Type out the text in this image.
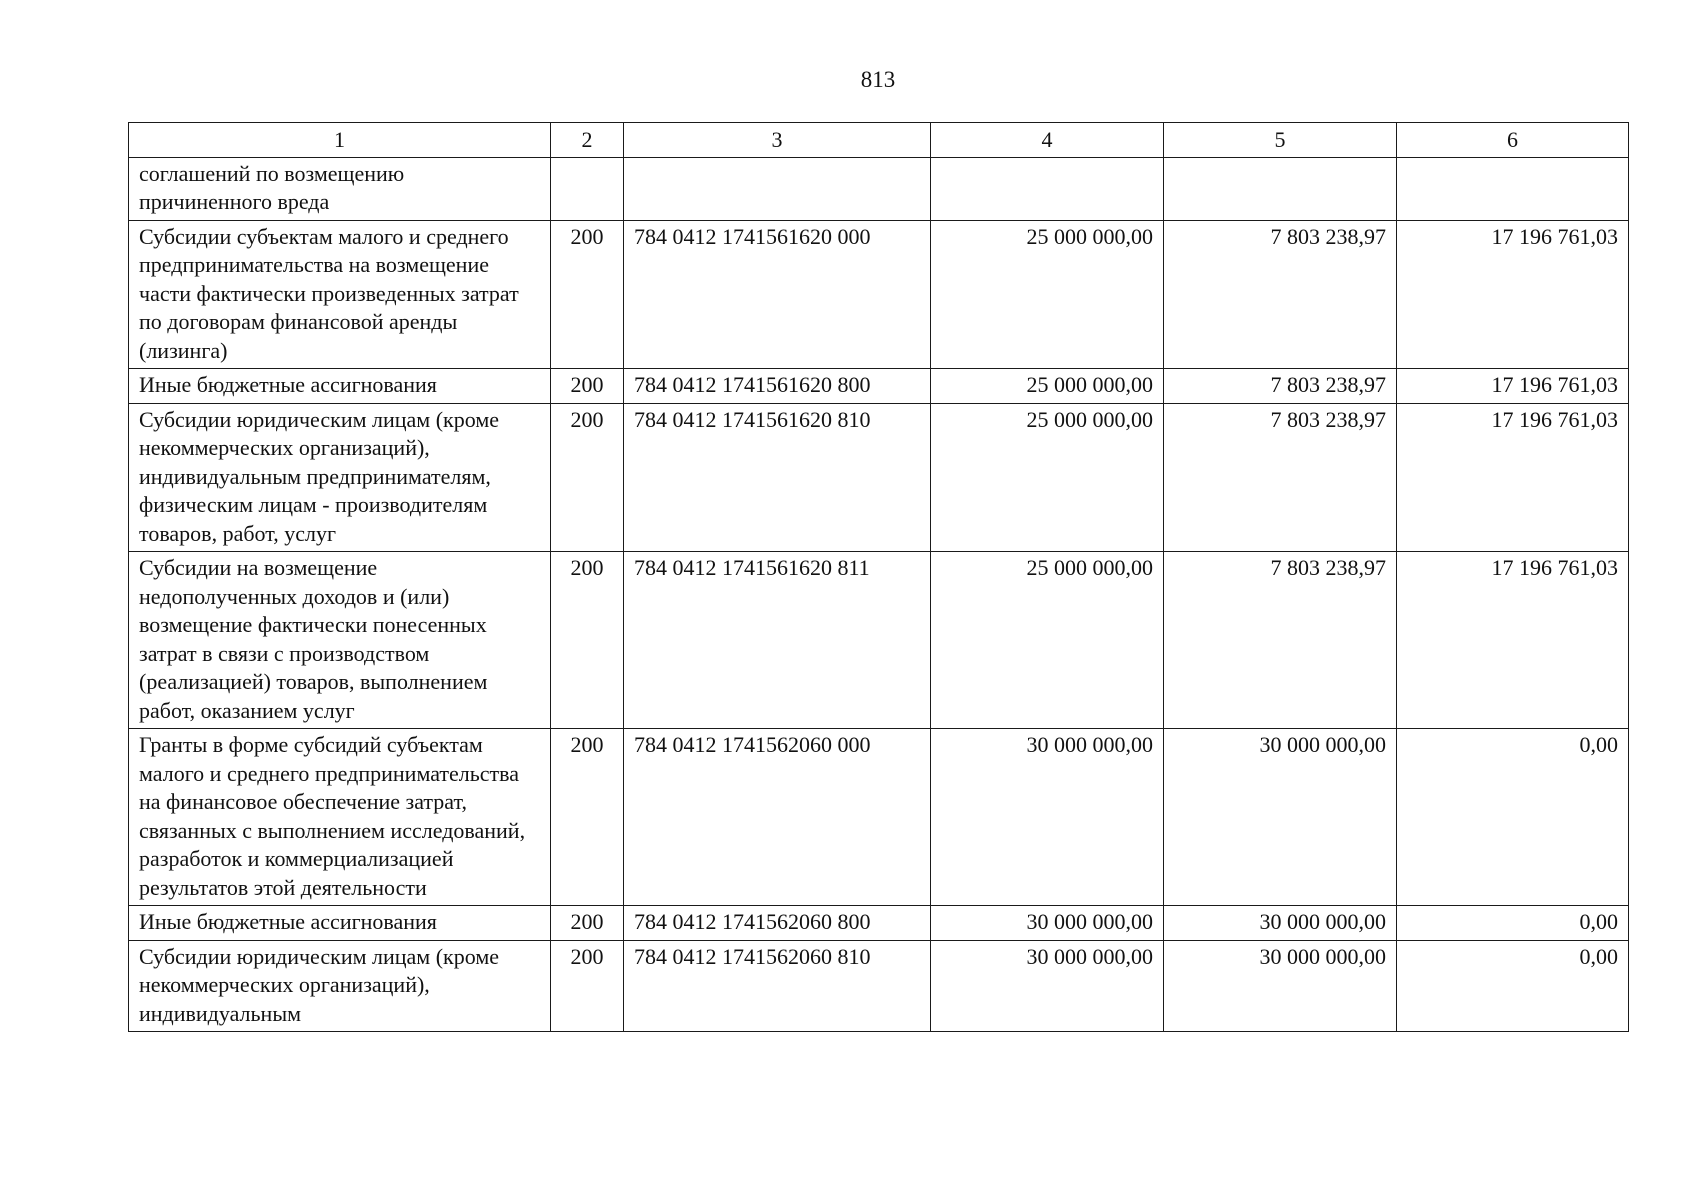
813
1	2	3	4	5	6
соглашений по возмещению причиненного вреда					
Субсидии субъектам малого и среднего предпринимательства на возмещение части фактически произведенных затрат по договорам финансовой аренды (лизинга)	200	784 0412 1741561620 000	25 000 000,00	7 803 238,97	17 196 761,03
Иные бюджетные ассигнования	200	784 0412 1741561620 800	25 000 000,00	7 803 238,97	17 196 761,03
Субсидии юридическим лицам (кроме некоммерческих организаций), индивидуальным предпринимателям, физическим лицам - производителям товаров, работ, услуг	200	784 0412 1741561620 810	25 000 000,00	7 803 238,97	17 196 761,03
Субсидии на возмещение недополученных доходов и (или) возмещение фактически понесенных затрат в связи с производством (реализацией) товаров, выполнением работ, оказанием услуг	200	784 0412 1741561620 811	25 000 000,00	7 803 238,97	17 196 761,03
Гранты в форме субсидий субъектам малого и среднего предпринимательства на финансовое обеспечение затрат, связанных с выполнением исследований, разработок и коммерциализацией результатов этой деятельности	200	784 0412 1741562060 000	30 000 000,00	30 000 000,00	0,00
Иные бюджетные ассигнования	200	784 0412 1741562060 800	30 000 000,00	30 000 000,00	0,00
Субсидии юридическим лицам (кроме некоммерческих организаций), индивидуальным	200	784 0412 1741562060 810	30 000 000,00	30 000 000,00	0,00
